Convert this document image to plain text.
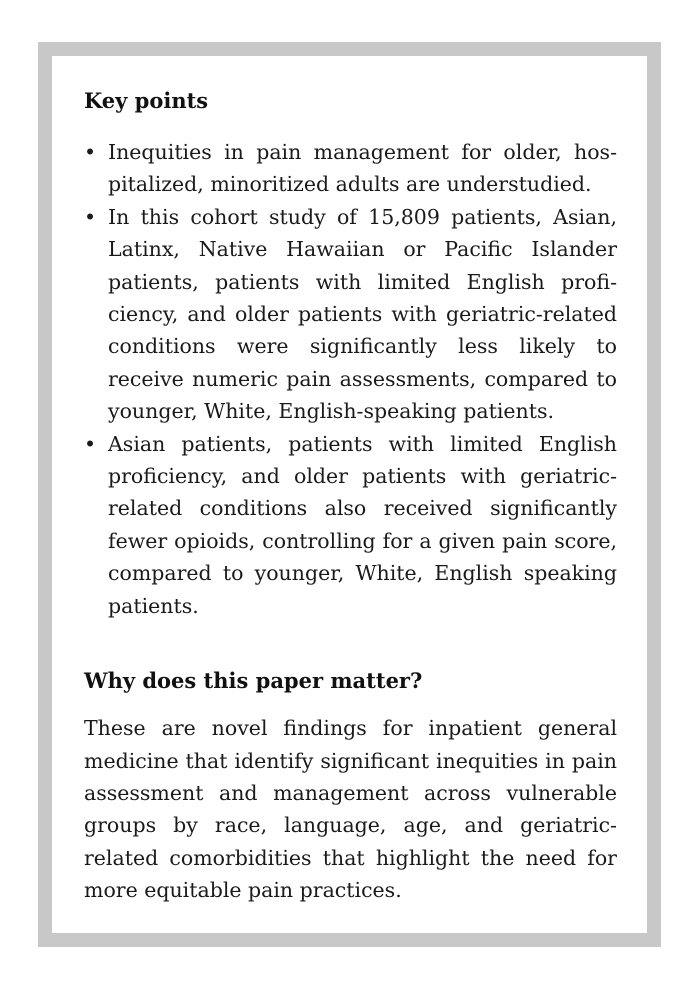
Key points
• Inequities in pain management for older, hospitalized, minoritized adults are understudied.
• In this cohort study of 15,809 patients, Asian, Latinx, Native Hawaiian or Pacific Islander patients, patients with limited English proficiency, and older patients with geriatric-related conditions were significantly less likely to receive numeric pain assessments, compared to younger, White, English-speaking patients.
• Asian patients, patients with limited English proficiency, and older patients with geriatric-related conditions also received significantly fewer opioids, controlling for a given pain score, compared to younger, White, English speaking patients.
Why does this paper matter?

These are novel findings for inpatient general medicine that identify significant inequities in pain assessment and management across vulnerable groups by race, language, age, and geriatric-related comorbidities that highlight the need for more equitable pain practices.
